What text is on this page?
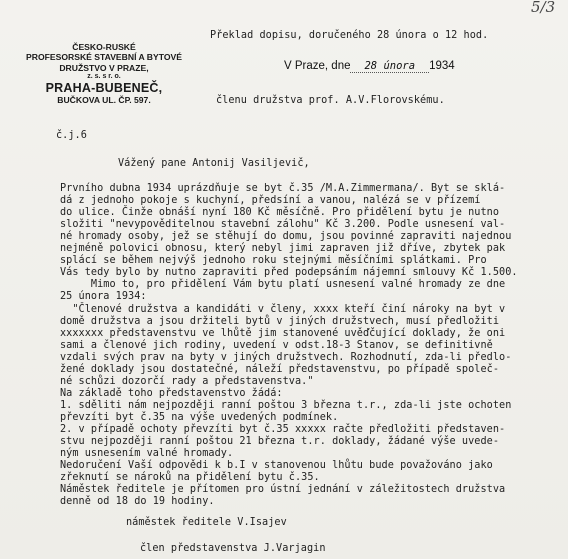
Překlad dopisu, doručeného 28 února o 12 hod.
5/3
ČESKO-RUSKÉ
PROFESORSKÉ STAVEBNÍ A BYTOVÉ
DRUŽSTVO V PRAZE,
z. s. s r. o.
PRAHA-BUBENEČ,
BUČKOVA UL. ČP. 597.
V Praze, dne 28 února 1934
členu družstva prof. A.V.Florovskému.
č.j.6
Vážený pane Antonij Vasiljevič,
Prvního dubna 1934 uprázdňuje se byt č.35 /M.A.Zimmermana/. Byt se sklá-
dá z jednoho pokoje s kuchyní, předsíní a vanou, nalézá se v přízemí
do ulice. Činže obnáší nyní 180 Kč měsíčně. Pro přidělení bytu je nutno
složiti "nevypověditelnou stavební zálohu" Kč 3.200. Podle usnesení val-
né hromady osoby, jež se stěhují do domu, jsou povinné zapraviti najednou
nejméně polovici obnosu, který nebyl jimi zapraven již dříve, zbytek pak
splácí se během nejvýš jednoho roku stejnými měsíčními splátkami. Pro
Vás tedy bylo by nutno zapraviti před podepsáním nájemní smlouvy Kč 1.500.
Mimo to, pro přidělení Vám bytu platí usnesení valné hromady ze dne
25 února 1934:
"Členové družstva a kandidáti v členy, xxxx kteří činí nároky na byt v
domě družstva a jsou držiteli bytů v jiných družstvech, musí předložiti
xxxxxxx představenstvu ve lhůtě jim stanovené uvěďčující doklady, že oni
sami a členové jich rodiny, uvedení v odst.18-3 Stanov, se definitivně
vzdali svých prav na byty v jiných družstvech. Rozhodnutí, zda-li předlo-
žené doklady jsou dostatečné, náleží představenstvu, po případě společ-
né schůzi dozorčí rady a představenstva."
Na základě toho představenstvo žádá:
1. sděliti nám nejpozději ranní poštou 3 března t.r., zda-li jste ochoten
převzíti byt č.35 na výše uvedených podmínek.
2. v případě ochoty převzíti byt č.35 xxxxx račte předložiti představen-
stvu nejpozději ranní poštou 21 března t.r. doklady, žádané výše uvede-
ným usnesením valné hromady.
Nedoručení Vaší odpovědi k b.I v stanovenou lhůtu bude považováno jako
zřeknutí se nároků na přidělení bytu č.35.
Náměstek ředitele je přítomen pro ústní jednání v záležitostech družstva
denně od 18 do 19 hodiny.
náměstek ředitele V.Isajev
člen představenstva J.Varjagin
